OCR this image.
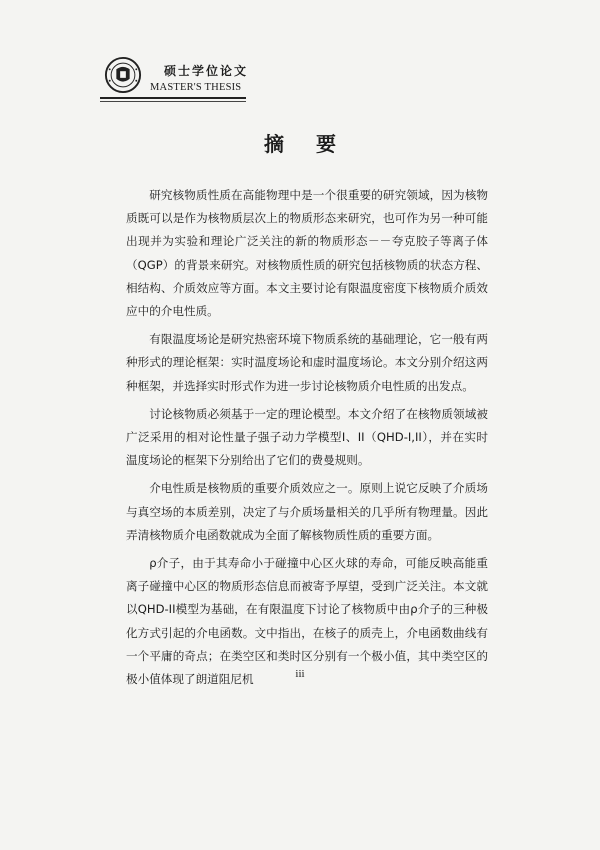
硕士学位论文
MASTER'S THESIS
摘要

研究核物质性质在高能物理中是一个很重要的研究领域，因为核物质既可以是作为核物质层次上的物质形态来研究，也可作为另一种可能出现并为实验和理论广泛关注的新的物质形态－－夸克胶子等离子体（QGP）的背景来研究。对核物质性质的研究包括核物质的状态方程、相结构、介质效应等方面。本文主要讨论有限温度密度下核物质介质效应中的介电性质。

有限温度场论是研究热密环境下物质系统的基础理论，它一般有两种形式的理论框架：实时温度场论和虚时温度场论。本文分别介绍这两种框架，并选择实时形式作为进一步讨论核物质介电性质的出发点。

讨论核物质必须基于一定的理论模型。本文介绍了在核物质领域被广泛采用的相对论性量子强子动力学模型I、II（QHD-I,II），并在实时温度场论的框架下分别给出了它们的费曼规则。

介电性质是核物质的重要介质效应之一。原则上说它反映了介质场与真空场的本质差别，决定了与介质场量相关的几乎所有物理量。因此弄清核物质介电函数就成为全面了解核物质性质的重要方面。

ρ介子，由于其寿命小于碰撞中心区火球的寿命，可能反映高能重离子碰撞中心区的物质形态信息而被寄予厚望，受到广泛关注。本文就以QHD-II模型为基础，在有限温度下讨论了核物质中由ρ介子的三种极化方式引起的介电函数。文中指出，在核子的质壳上，介电函数曲线有一个平庸的奇点；在类空区和类时区分别有一个极小值，其中类空区的极小值体现了朗道阻尼机	iii
